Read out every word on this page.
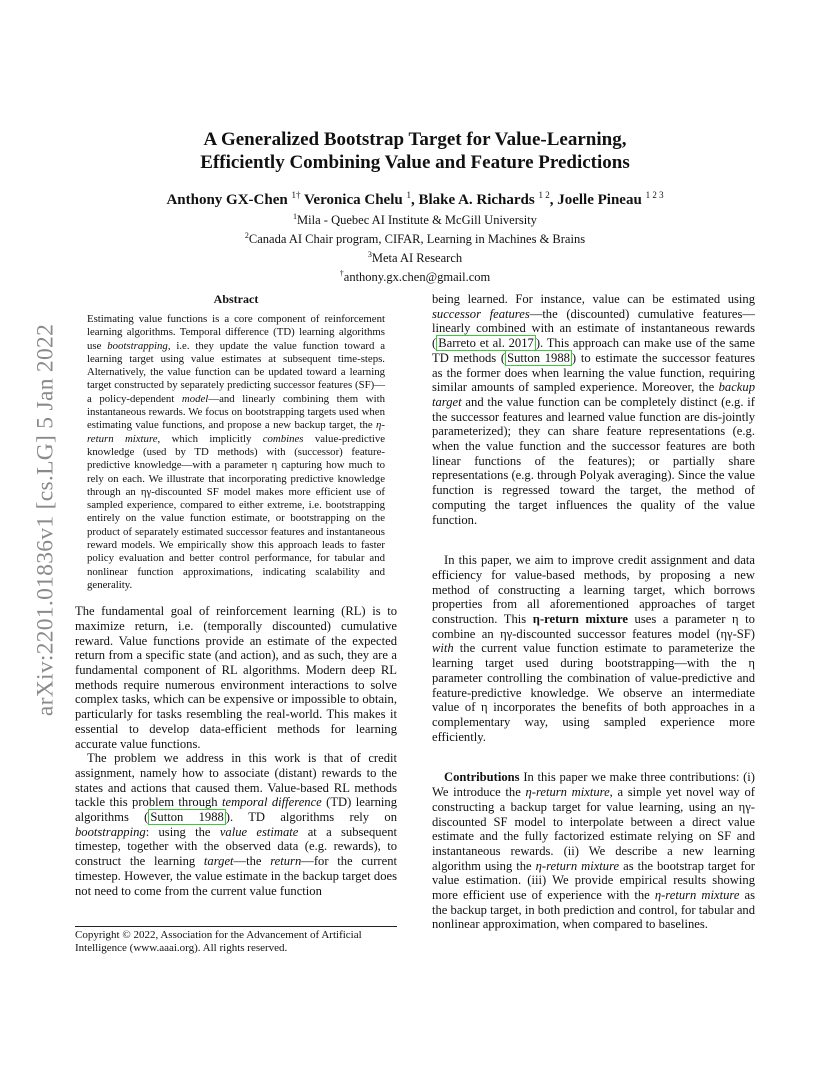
arXiv:2201.01836v1 [cs.LG] 5 Jan 2022
A Generalized Bootstrap Target for Value-Learning,
Efficiently Combining Value and Feature Predictions
Anthony GX-Chen $^{1\dagger}$ Veronica Chelu $^1$, Blake A. Richards $^{1 2}$, Joelle Pineau $^{1 2 3}$
$^1$Mila - Quebec AI Institute & McGill University
$^2$Canada AI Chair program, CIFAR, Learning in Machines & Brains
$^3$Meta AI Research
†anthony.gx.chen@gmail.com
Abstract
Estimating value functions is a core component of reinforcement learning algorithms. Temporal difference (TD) learning algorithms use bootstrapping, i.e. they update the value function toward a learning target using value estimates at subsequent time-steps. Alternatively, the value function can be updated toward a learning target constructed by separately predicting successor features (SF)—a policy-dependent model—and linearly combining them with instantaneous rewards. We focus on bootstrapping targets used when estimating value functions, and propose a new backup target, the η-return mixture, which implicitly combines value-predictive knowledge (used by TD methods) with (successor) feature-predictive knowledge—with a parameter η capturing how much to rely on each. We illustrate that incorporating predictive knowledge through an ηγ-discounted SF model makes more efficient use of sampled experience, compared to either extreme, i.e. bootstrapping entirely on the value function estimate, or bootstrapping on the product of separately estimated successor features and instantaneous reward models. We empirically show this approach leads to faster policy evaluation and better control performance, for tabular and nonlinear function approximations, indicating scalability and generality.

The fundamental goal of reinforcement learning (RL) is to maximize return, i.e. (temporally discounted) cumulative reward. Value functions provide an estimate of the expected return from a specific state (and action), and as such, they are a fundamental component of RL algorithms. Modern deep RL methods require numerous environment interactions to solve complex tasks, which can be expensive or impossible to obtain, particularly for tasks resembling the real-world. This makes it essential to develop data-efficient methods for learning accurate value functions.

The problem we address in this work is that of credit assignment, namely how to associate (distant) rewards to the states and actions that caused them. Value-based RL methods tackle this problem through temporal difference (TD) learning algorithms ( Sutton 1988 ). TD algorithms rely on bootstrapping: using the value estimate at a subsequent timestep, together with the observed data (e.g. rewards), to construct the learning target—the return—for the current timestep. However, the value estimate in the backup target does not need to come from the current value function

Copyright © 2022, Association for the Advancement of Artificial Intelligence (www.aaai.org). All rights reserved.

being learned. For instance, value can be estimated using successor features—the (discounted) cumulative features—linearly combined with an estimate of instantaneous rewards ( Barreto et al. 2017 ). This approach can make use of the same TD methods ( Sutton 1988 ) to estimate the successor features as the former does when learning the value function, requiring similar amounts of sampled experience. Moreover, the backup target and the value function can be completely distinct (e.g. if the successor features and learned value function are dis-jointly parameterized); they can share feature representations (e.g. when the value function and the successor features are both linear functions of the features); or partially share representations (e.g. through Polyak averaging). Since the value function is regressed toward the target, the method of computing the target influences the quality of the value function.

In this paper, we aim to improve credit assignment and data efficiency for value-based methods, by proposing a new method of constructing a learning target, which borrows properties from all aforementioned approaches of target construction. This η-return mixture uses a parameter η to combine an ηγ-discounted successor features model (ηγ-SF) with the current value function estimate to parameterize the learning target used during bootstrapping—with the η parameter controlling the combination of value-predictive and feature-predictive knowledge. We observe an intermediate value of η incorporates the benefits of both approaches in a complementary way, using sampled experience more efficiently.

Contributions In this paper we make three contributions: (i) We introduce the η-return mixture, a simple yet novel way of constructing a backup target for value learning, using an ηγ-discounted SF model to interpolate between a direct value estimate and the fully factorized estimate relying on SF and instantaneous rewards. (ii) We describe a new learning algorithm using the η-return mixture as the bootstrap target for value estimation. (iii) We provide empirical results showing more efficient use of experience with the η-return mixture as the backup target, in both prediction and control, for tabular and nonlinear approximation, when compared to baselines.
